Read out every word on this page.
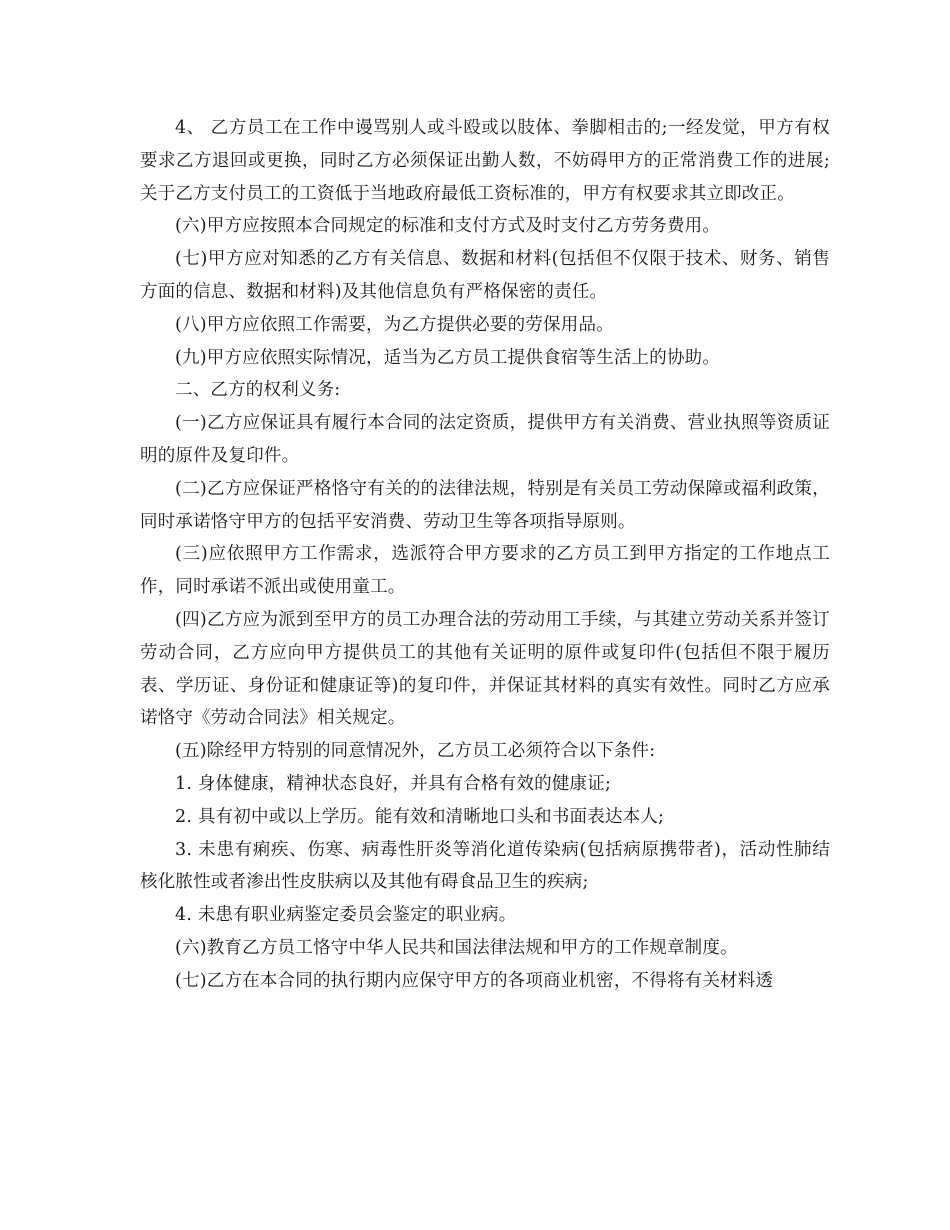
4、 乙方员工在工作中谩骂别人或斗殴或以肢体、拳脚相击的;一经发觉，甲方有权要求乙方退回或更换，同时乙方必须保证出勤人数，不妨碍甲方的正常消费工作的进展;关于乙方支付员工的工资低于当地政府最低工资标准的，甲方有权要求其立即改正。

(六)甲方应按照本合同规定的标准和支付方式及时支付乙方劳务费用。

(七)甲方应对知悉的乙方有关信息、数据和材料(包括但不仅限于技术、财务、销售方面的信息、数据和材料)及其他信息负有严格保密的责任。

(八)甲方应依照工作需要，为乙方提供必要的劳保用品。

(九)甲方应依照实际情况，适当为乙方员工提供食宿等生活上的协助。

二、乙方的权利义务:

(一)乙方应保证具有履行本合同的法定资质，提供甲方有关消费、营业执照等资质证明的原件及复印件。

(二)乙方应保证严格恪守有关的的法律法规，特别是有关员工劳动保障或福利政策，同时承诺恪守甲方的包括平安消费、劳动卫生等各项指导原则。

(三)应依照甲方工作需求，选派符合甲方要求的乙方员工到甲方指定的工作地点工作，同时承诺不派出或使用童工。

(四)乙方应为派到至甲方的员工办理合法的劳动用工手续，与其建立劳动关系并签订劳动合同，乙方应向甲方提供员工的其他有关证明的原件或复印件(包括但不限于履历表、学历证、身份证和健康证等)的复印件，并保证其材料的真实有效性。同时乙方应承诺恪守《劳动合同法》相关规定。

(五)除经甲方特别的同意情况外，乙方员工必须符合以下条件:

1. 身体健康，精神状态良好，并具有合格有效的健康证;

2. 具有初中或以上学历。能有效和清晰地口头和书面表达本人;

3. 未患有痢疾、伤寒、病毒性肝炎等消化道传染病(包括病原携带者)，活动性肺结核化脓性或者渗出性皮肤病以及其他有碍食品卫生的疾病;

4. 未患有职业病鉴定委员会鉴定的职业病。

(六)教育乙方员工恪守中华人民共和国法律法规和甲方的工作规章制度。

(七)乙方在本合同的执行期内应保守甲方的各项商业机密，不得将有关材料透
